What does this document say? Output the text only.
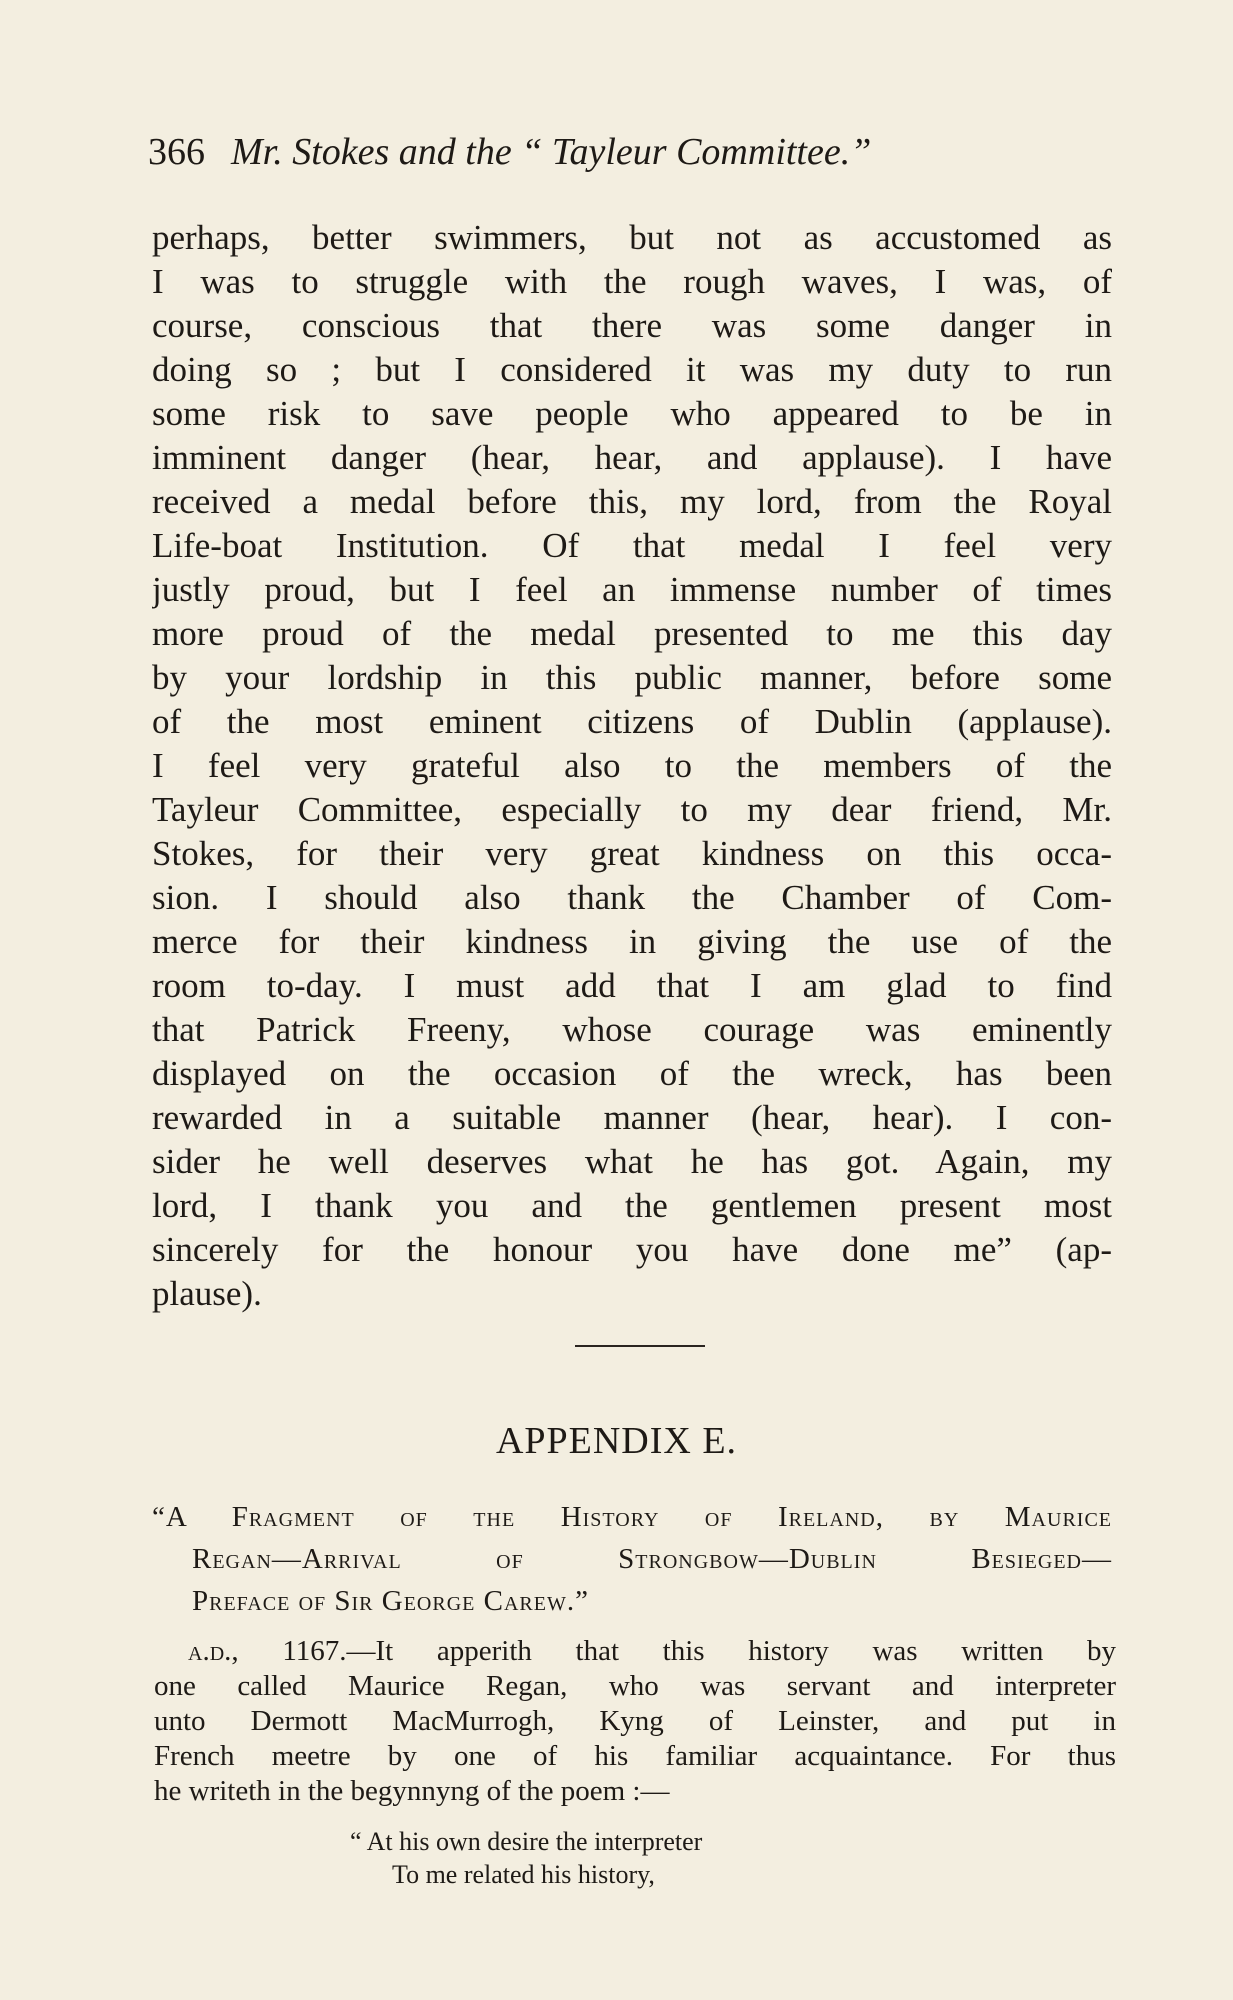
366 Mr. Stokes and the “ Tayleur Committee.”
perhaps, better swimmers, but not as accustomed as
I was to struggle with the rough waves, I was, of
course, conscious that there was some danger in
doing so ; but I considered it was my duty to run
some risk to save people who appeared to be in
imminent danger (hear, hear, and applause). I have
received a medal before this, my lord, from the Royal
Life-boat Institution. Of that medal I feel very
justly proud, but I feel an immense number of times
more proud of the medal presented to me this day
by your lordship in this public manner, before some
of the most eminent citizens of Dublin (applause).
I feel very grateful also to the members of the
Tayleur Committee, especially to my dear friend, Mr.
Stokes, for their very great kindness on this occa-
sion. I should also thank the Chamber of Com-
merce for their kindness in giving the use of the
room to-day. I must add that I am glad to find
that Patrick Freeny, whose courage was eminently
displayed on the occasion of the wreck, has been
rewarded in a suitable manner (hear, hear). I con-
sider he well deserves what he has got. Again, my
lord, I thank you and the gentlemen present most
sincerely for the honour you have done me” (ap-
plause).
APPENDIX E.
“A Fragment of the History of Ireland, by Maurice
Regan—Arrival of Strongbow—Dublin Besieged—
Preface of Sir George Carew.”
a.d., 1167.—It apperith that this history was written by
one called Maurice Regan, who was servant and interpreter
unto Dermott MacMurrogh, Kyng of Leinster, and put in
French meetre by one of his familiar acquaintance. For thus
he writeth in the begynnyng of the poem :—
“ At his own desire the interpreter
To me related his history,
